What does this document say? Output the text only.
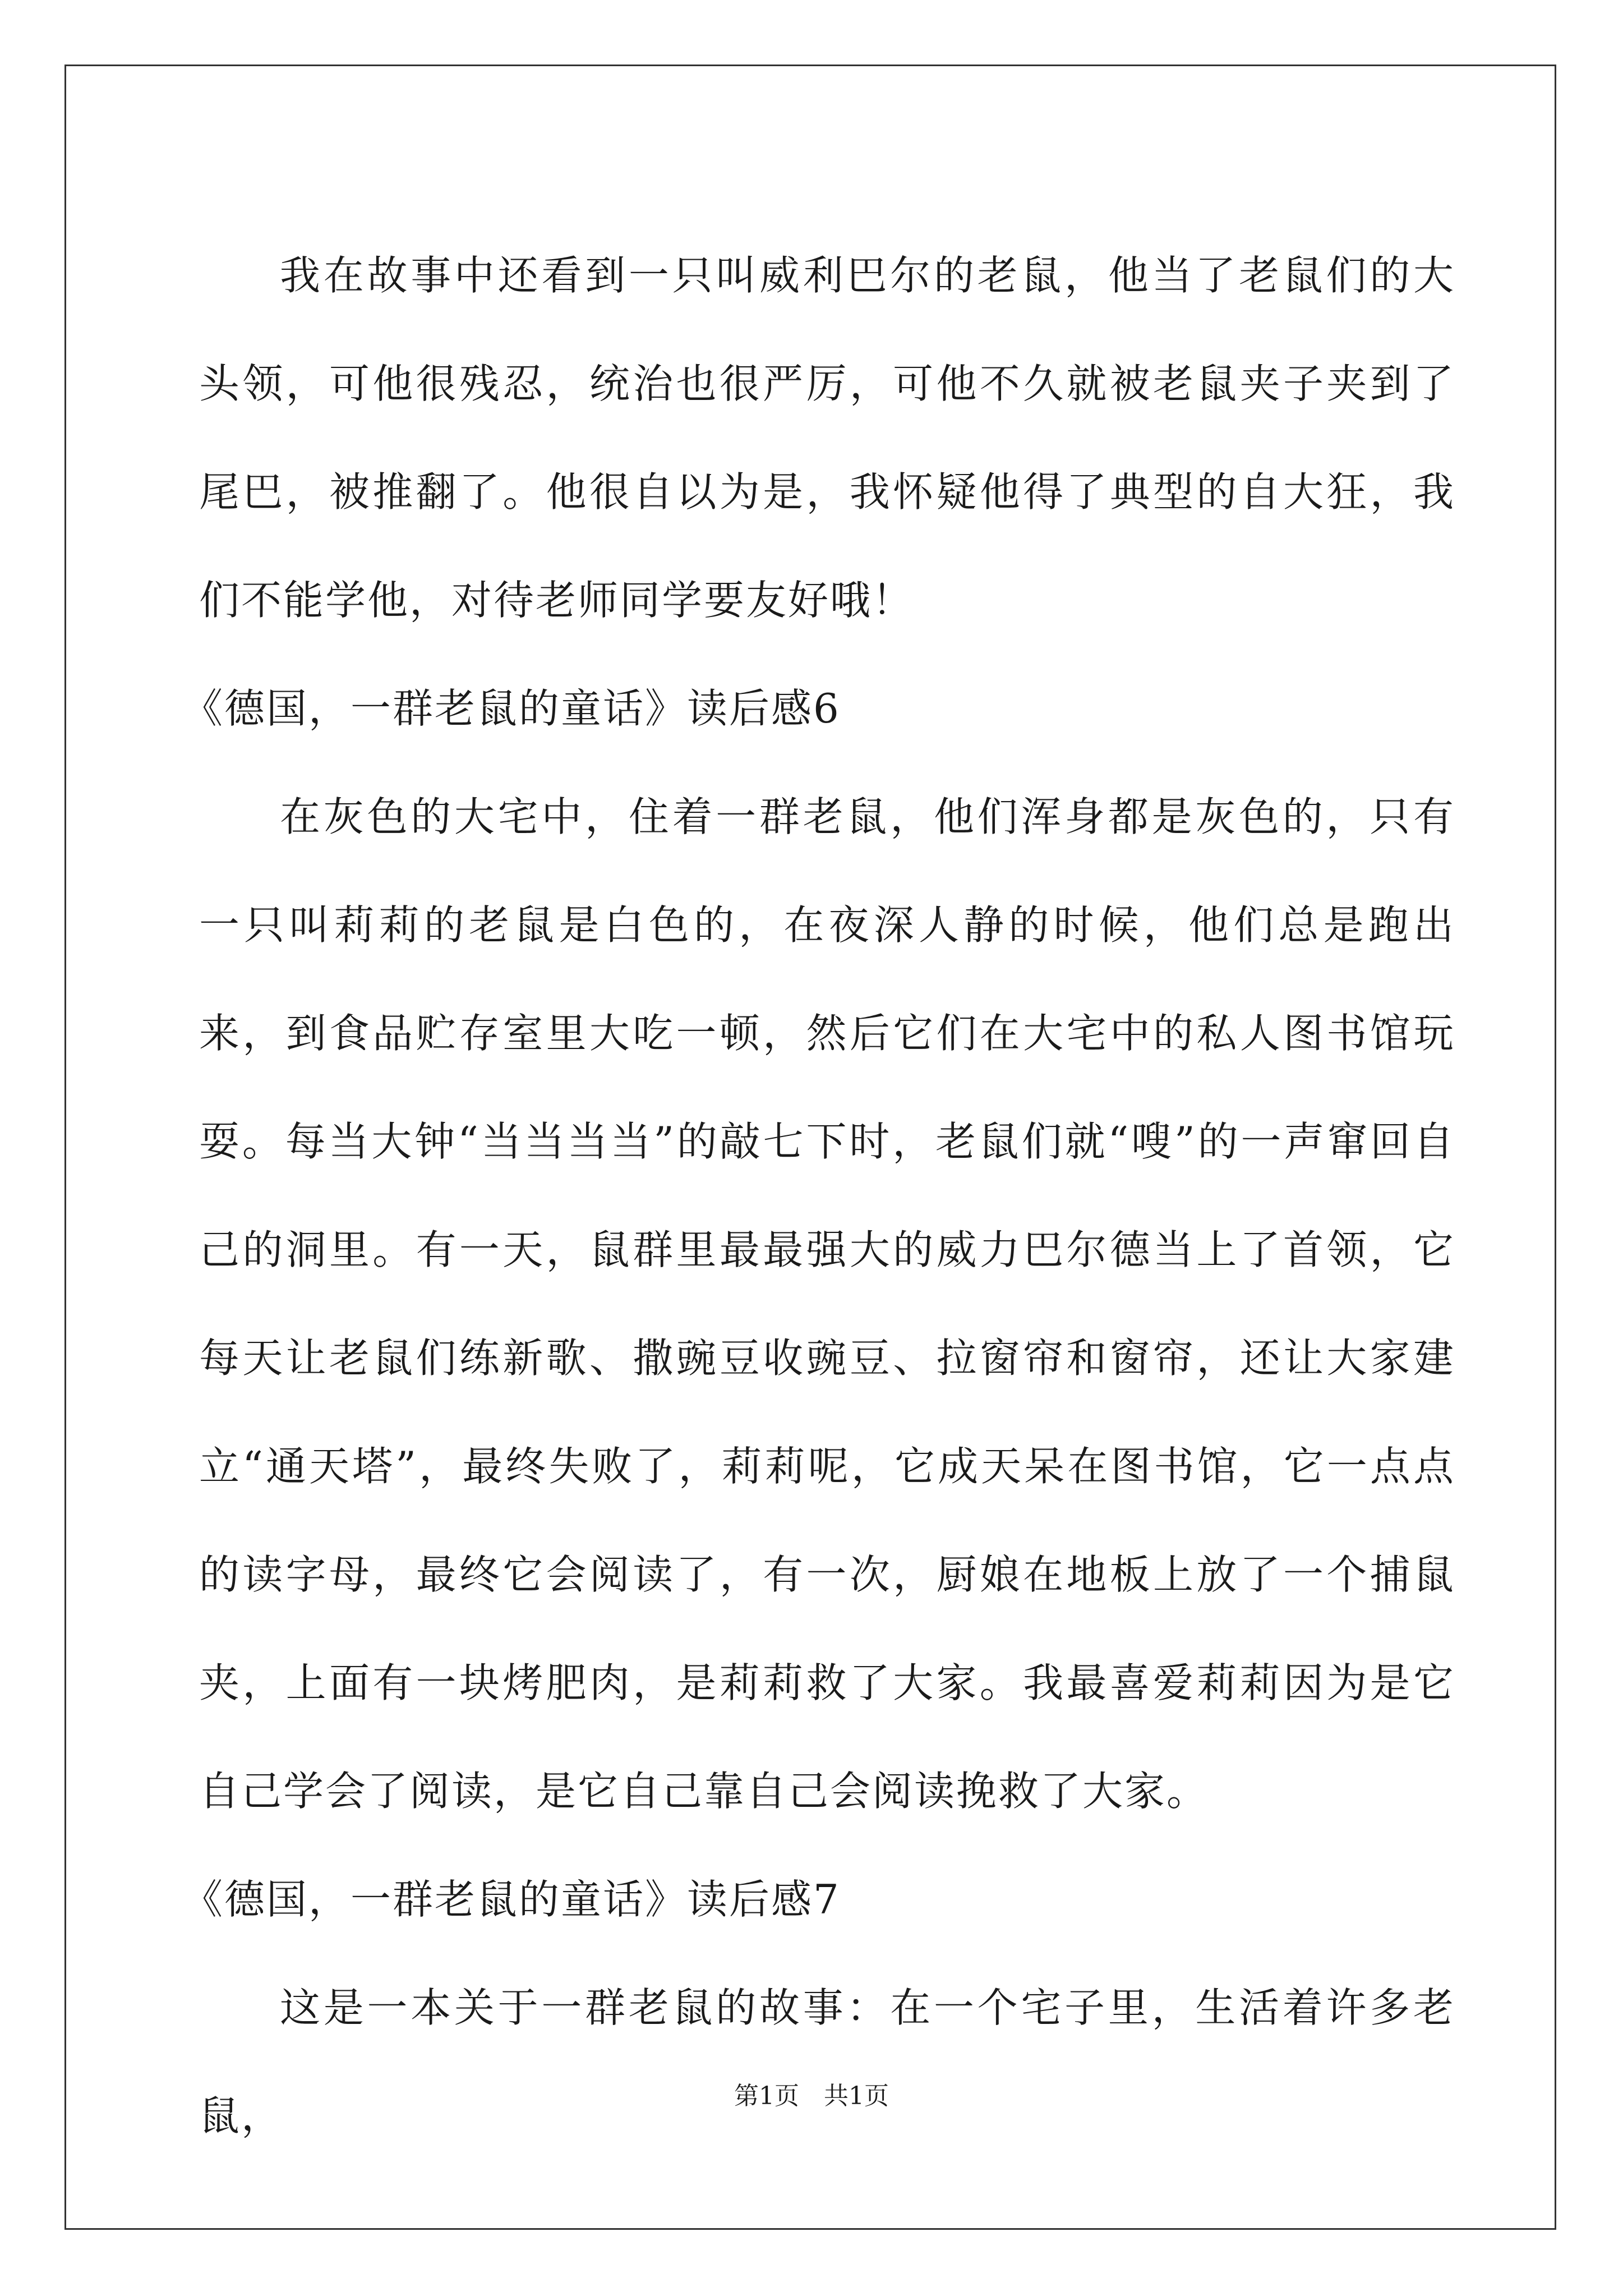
我在故事中还看到一只叫威利巴尔的老鼠，他当了老鼠们的大头领，可他很残忍，统治也很严厉，可他不久就被老鼠夹子夹到了尾巴，被推翻了。他很自以为是，我怀疑他得了典型的自大狂，我们不能学他，对待老师同学要友好哦！

《德国，一群老鼠的童话》读后感6

在灰色的大宅中，住着一群老鼠，他们浑身都是灰色的，只有一只叫莉莉的老鼠是白色的，在夜深人静的时候，他们总是跑出来，到食品贮存室里大吃一顿，然后它们在大宅中的私人图书馆玩耍。每当大钟“当当当当”的敲七下时，老鼠们就“嗖”的一声窜回自己的洞里。有一天，鼠群里最最强大的威力巴尔德当上了首领，它每天让老鼠们练新歌、撒豌豆收豌豆、拉窗帘和窗帘，还让大家建立“通天塔”，最终失败了，莉莉呢，它成天呆在图书馆，它一点点的读字母，最终它会阅读了，有一次，厨娘在地板上放了一个捕鼠夹，上面有一块烤肥肉，是莉莉救了大家。我最喜爱莉莉因为是它自己学会了阅读，是它自己靠自己会阅读挽救了大家。

《德国，一群老鼠的童话》读后感7

这是一本关于一群老鼠的故事：在一个宅子里，生活着许多老鼠，	第1页　共1页
